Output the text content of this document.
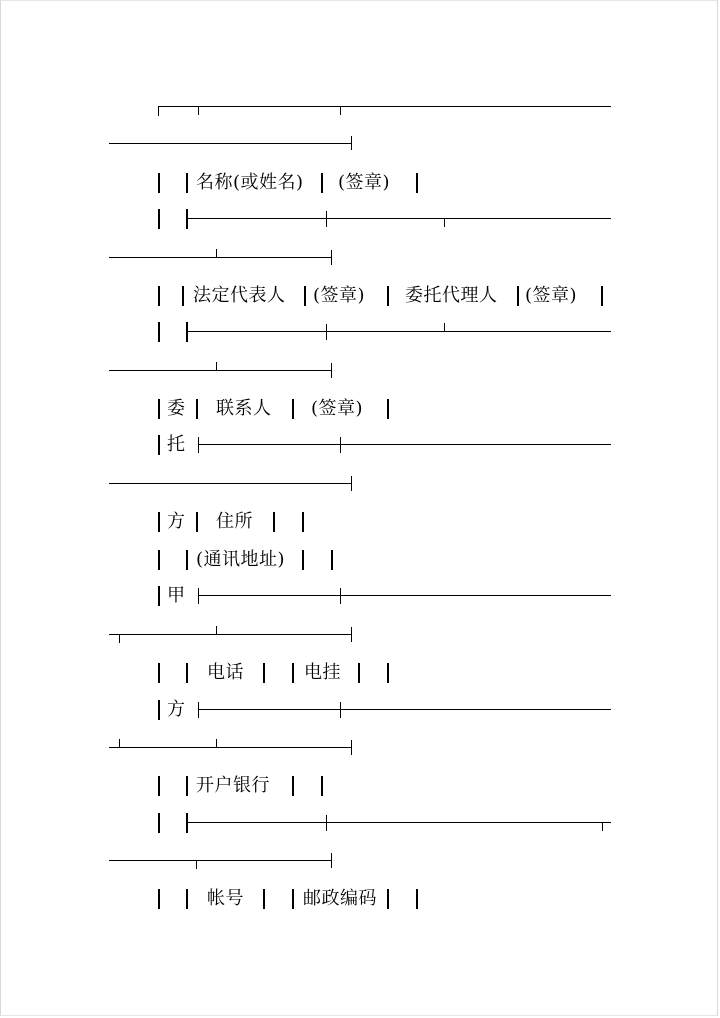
名称(或姓名) (签章)
法定代表人 (签章) 委托代理人 (签章)
委 联系人 (签章)
托
方 住所
(通讯地址)
甲
电话	电挂
方
开户银行
帐号	邮政编码
